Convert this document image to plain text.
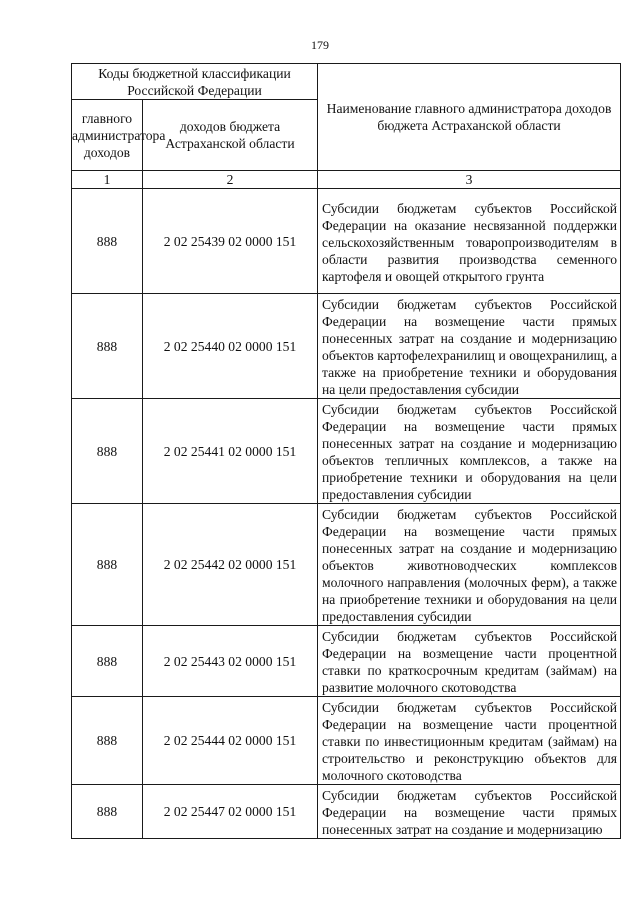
179
Коды бюджетной классификации Российской Федерации		Наименование главного администратора доходов бюджета Астраханской области
главного администратора доходов	доходов бюджета Астраханской области	
1	2	3
888	2 02 25439 02 0000 151	Субсидии бюджетам субъектов Российской Федерации на оказание несвязанной поддержки сельскохозяйственным товаропроизводителям в области развития производства семенного картофеля и овощей открытого грунта
888	2 02 25440 02 0000 151	Субсидии бюджетам субъектов Российской Федерации на возмещение части прямых понесенных затрат на создание и модернизацию объектов картофелехранилищ и овощехранилищ, а также на приобретение техники и оборудования на цели предоставления субсидии
888	2 02 25441 02 0000 151	Субсидии бюджетам субъектов Российской Федерации на возмещение части прямых понесенных затрат на создание и модернизацию объектов тепличных комплексов, а также на приобретение техники и оборудования на цели предоставления субсидии
888	2 02 25442 02 0000 151	Субсидии бюджетам субъектов Российской Федерации на возмещение части прямых понесенных затрат на создание и модернизацию объектов животноводческих комплексов молочного направления (молочных ферм), а также на приобретение техники и оборудования на цели предоставления субсидии
888	2 02 25443 02 0000 151	Субсидии бюджетам субъектов Российской Федерации на возмещение части процентной ставки по краткосрочным кредитам (займам) на развитие молочного скотоводства
888	2 02 25444 02 0000 151	Субсидии бюджетам субъектов Российской Федерации на возмещение части процентной ставки по инвестиционным кредитам (займам) на строительство и реконструкцию объектов для молочного скотоводства
888	2 02 25447 02 0000 151	Субсидии бюджетам субъектов Российской Федерации на возмещение части прямых понесенных затрат на создание и модернизацию
